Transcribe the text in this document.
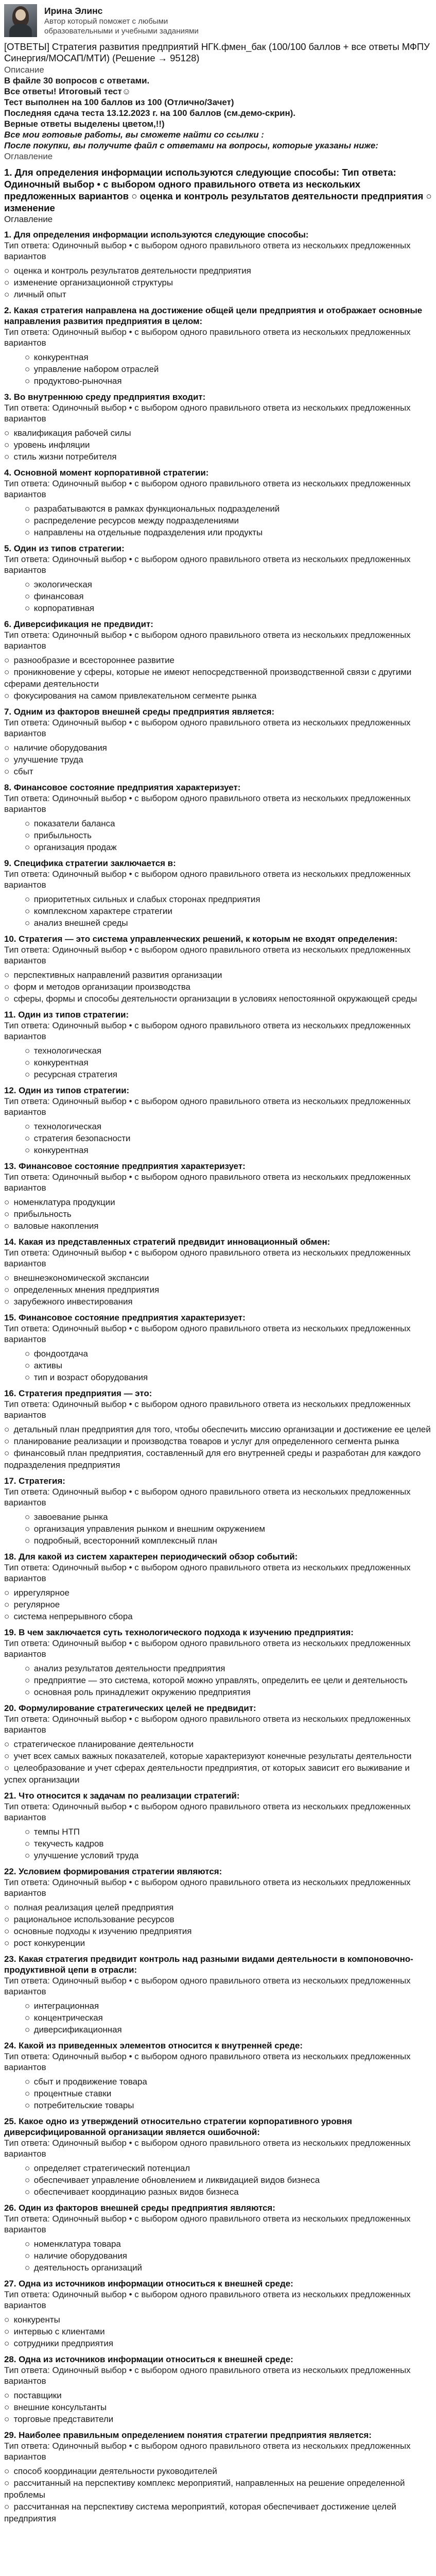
Ирина Элинс
Автор который поможет с любыми образовательными и учебными заданиями
[ОТВЕТЫ] Стратегия развития предприятий НГК.фмен_бак (100/100 баллов + все ответы МФПУ Синергия/МОСАП/МТИ) (Решение → 95128)
Описание
В файле 30 вопросов с ответами.
Все ответы! Итоговый тест☺
Тест выполнен на 100 баллов из 100 (Отлично/Зачет)
Последняя сдача теста 13.12.2023 г. на 100 баллов (см.демо-скрин).
Верные ответы выделены цветом,!!)
Все мои готовые работы, вы сможете найти со ссылки :
После покупки, вы получите файл с ответами на вопросы, которые указаны ниже:
Оглавление
1. Для определения информации используются следующие способы: Тип ответа: Одиночный выбор • с выбором одного правильного ответа из нескольких предложенных вариантов ○ оценка и контроль результатов деятельности предприятия ○ изменение
Оглавление
1. Для определения информации используются следующие способы:
Тип ответа: Одиночный выбор • с выбором одного правильного ответа из нескольких предложенных вариантов
○ оценка и контроль результатов деятельности предприятия
○ изменение организационной структуры
○ личный опыт
2. Какая стратегия направлена на достижение общей цели предприятия и отображает основные направления развития предприятия в целом:
Тип ответа: Одиночный выбор • с выбором одного правильного ответа из нескольких предложенных вариантов
○ конкурентная
○ управление набором отраслей
○ продуктово-рыночная
3. Во внутреннюю среду предприятия входит:
Тип ответа: Одиночный выбор • с выбором одного правильного ответа из нескольких предложенных вариантов
○ квалификация рабочей силы
○ уровень инфляции
○ стиль жизни потребителя
4. Основной момент корпоративной стратегии:
Тип ответа: Одиночный выбор • с выбором одного правильного ответа из нескольких предложенных вариантов
○ разрабатываются в рамках функциональных подразделений
○ распределение ресурсов между подразделениями
○ направлены на отдельные подразделения или продукты
5. Один из типов стратегии:
Тип ответа: Одиночный выбор • с выбором одного правильного ответа из нескольких предложенных вариантов
○ экологическая
○ финансовая
○ корпоративная
6. Диверсификация не предвидит:
Тип ответа: Одиночный выбор • с выбором одного правильного ответа из нескольких предложенных вариантов
○ разнообразие и всестороннее развитие
○ проникновение у сферы, которые не имеют непосредственной производственной связи с другими сферами деятельности
○ фокусирования на самом привлекательном сегменте рынка
7. Одним из факторов внешней среды предприятия является:
Тип ответа: Одиночный выбор • с выбором одного правильного ответа из нескольких предложенных вариантов
○ наличие оборудования
○ улучшение труда
○ сбыт
8. Финансовое состояние предприятия характеризует:
Тип ответа: Одиночный выбор • с выбором одного правильного ответа из нескольких предложенных вариантов
○ показатели баланса
○ прибыльность
○ организация продаж
9. Специфика стратегии заключается в:
Тип ответа: Одиночный выбор • с выбором одного правильного ответа из нескольких предложенных вариантов
○ приоритетных сильных и слабых сторонах предприятия
○ комплексном характере стратегии
○ анализ внешней среды
10. Стратегия — это система управленческих решений, к которым не входят определения:
Тип ответа: Одиночный выбор • с выбором одного правильного ответа из нескольких предложенных вариантов
○ перспективных направлений развития организации
○ форм и методов организации производства
○ сферы, формы и способы деятельности организации в условиях непостоянной окружающей среды
11. Один из типов стратегии:
Тип ответа: Одиночный выбор • с выбором одного правильного ответа из нескольких предложенных вариантов
○ технологическая
○ конкурентная
○ ресурсная стратегия
12. Один из типов стратегии:
Тип ответа: Одиночный выбор • с выбором одного правильного ответа из нескольких предложенных вариантов
○ технологическая
○ стратегия безопасности
○ конкурентная
13. Финансовое состояние предприятия характеризует:
Тип ответа: Одиночный выбор • с выбором одного правильного ответа из нескольких предложенных вариантов
○ номенклатура продукции
○ прибыльность
○ валовые накопления
14. Какая из представленных стратегий предвидит инновационный обмен:
Тип ответа: Одиночный выбор • с выбором одного правильного ответа из нескольких предложенных вариантов
○ внешнеэкономической экспансии
○ определенных мнения предприятия
○ зарубежного инвестирования
15. Финансовое состояние предприятия характеризует:
Тип ответа: Одиночный выбор • с выбором одного правильного ответа из нескольких предложенных вариантов
○ фондоотдача
○ активы
○ тип и возраст оборудования
16. Стратегия предприятия — это:
Тип ответа: Одиночный выбор • с выбором одного правильного ответа из нескольких предложенных вариантов
○ детальный план предприятия для того, чтобы обеспечить миссию организации и достижение ее целей
○ планирование реализации и производства товаров и услуг для определенного сегмента рынка
○ финансовый план предприятия, составленный для его внутренней среды и разработан для каждого подразделения предприятия
17. Стратегия:
Тип ответа: Одиночный выбор • с выбором одного правильного ответа из нескольких предложенных вариантов
○ завоевание рынка
○ организация управления рынком и внешним окружением
○ подробный, всесторонний комплексный план
18. Для какой из систем характерен периодический обзор событий:
Тип ответа: Одиночный выбор • с выбором одного правильного ответа из нескольких предложенных вариантов
○ иррегулярное
○ регулярное
○ система непрерывного сбора
19. В чем заключается суть технологического подхода к изучению предприятия:
Тип ответа: Одиночный выбор • с выбором одного правильного ответа из нескольких предложенных вариантов
○ анализ результатов деятельности предприятия
○ предприятие — это система, которой можно управлять, определить ее цели и деятельность
○ основная роль принадлежит окружению предприятия
20. Формулирование стратегических целей не предвидит:
Тип ответа: Одиночный выбор • с выбором одного правильного ответа из нескольких предложенных вариантов
○ стратегическое планирование деятельности
○ учет всех самых важных показателей, которые характеризуют конечные результаты деятельности
○ целеобразование и учет сферах деятельности предприятия, от которых зависит его выживание и успех организации
21. Что относится к задачам по реализации стратегий:
Тип ответа: Одиночный выбор • с выбором одного правильного ответа из нескольких предложенных вариантов
○ темпы НТП
○ текучесть кадров
○ улучшение условий труда
22. Условием формирования стратегии являются:
Тип ответа: Одиночный выбор • с выбором одного правильного ответа из нескольких предложенных вариантов
○ полная реализация целей предприятия
○ рациональное использование ресурсов
○ основные подходы к изучению предприятия
○ рост конкуренции
23. Какая стратегия предвидит контроль над разными видами деятельности в компоновочно-продуктивной цепи в отрасли:
Тип ответа: Одиночный выбор • с выбором одного правильного ответа из нескольких предложенных вариантов
○ интеграционная
○ концентрическая
○ диверсификационная
24. Какой из приведенных элементов относится к внутренней среде:
Тип ответа: Одиночный выбор • с выбором одного правильного ответа из нескольких предложенных вариантов
○ сбыт и продвижение товара
○ процентные ставки
○ потребительские товары
25. Какое одно из утверждений относительно стратегии корпоративного уровня диверсифицированной организации является ошибочной:
Тип ответа: Одиночный выбор • с выбором одного правильного ответа из нескольких предложенных вариантов
○ определяет стратегический потенциал
○ обеспечивает управление обновлением и ликвидацией видов бизнеса
○ обеспечивает координацию разных видов бизнеса
26. Один из факторов внешней среды предприятия являются:
Тип ответа: Одиночный выбор • с выбором одного правильного ответа из нескольких предложенных вариантов
○ номенклатура товара
○ наличие оборудования
○ деятельность организаций
27. Одна из источников информации относиться к внешней среде:
Тип ответа: Одиночный выбор • с выбором одного правильного ответа из нескольких предложенных вариантов
○ конкуренты
○ интервью с клиентами
○ сотрудники предприятия
28. Одна из источников информации относиться к внешней среде:
Тип ответа: Одиночный выбор • с выбором одного правильного ответа из нескольких предложенных вариантов
○ поставщики
○ внешние консультанты
○ торговые представители
29. Наиболее правильным определением понятия стратегии предприятия является:
Тип ответа: Одиночный выбор • с выбором одного правильного ответа из нескольких предложенных вариантов
○ способ координации деятельности руководителей
○ рассчитанный на перспективу комплекс мероприятий, направленных на решение определенной проблемы
○ рассчитанная на перспективу система мероприятий, которая обеспечивает достижение целей предприятия
